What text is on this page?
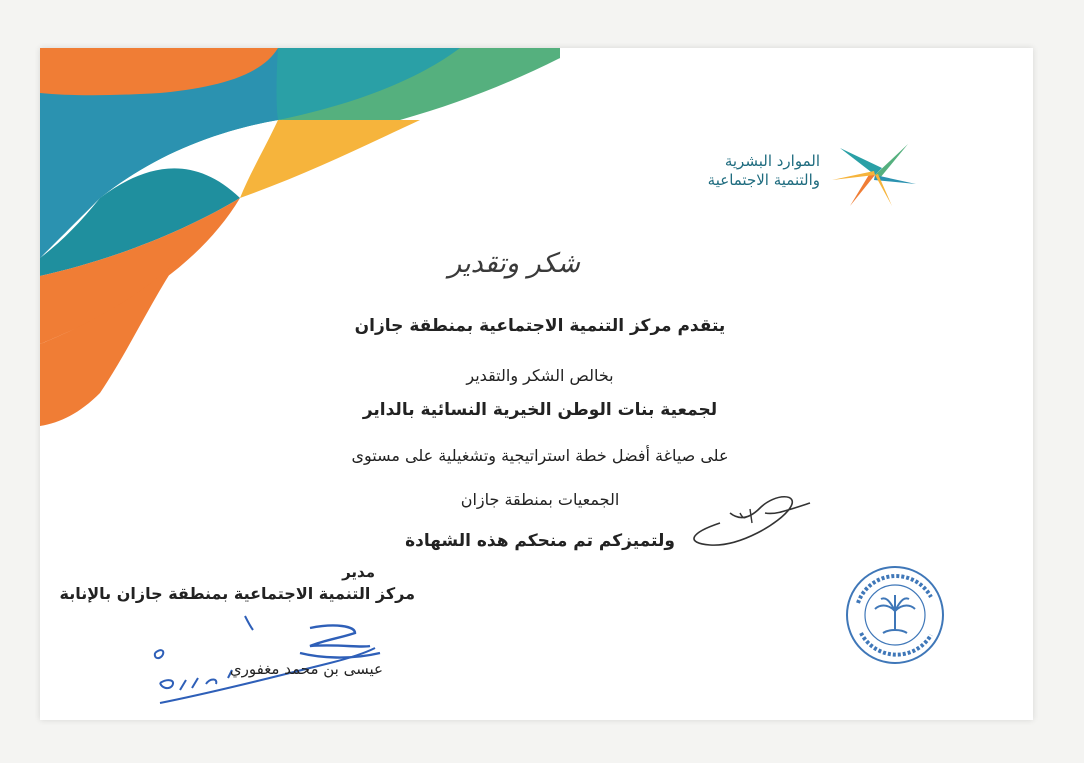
الموارد البشرية
والتنمية الاجتماعية
شكر وتقدير
يتقدم مركز التنمية الاجتماعية بمنطقة جازان
بخالص الشكر والتقدير
لجمعية بنات الوطن الخيرية النسائية بالداير
على صياغة أفضل خطة استراتيجية وتشغيلية على مستوى
الجمعيات بمنطقة جازان
ولتميزكم تم منحكم هذه الشهادة
مدير
مركز التنمية الاجتماعية بمنطقة جازان بالإنابة
عيسى بن محمد مغفوري
